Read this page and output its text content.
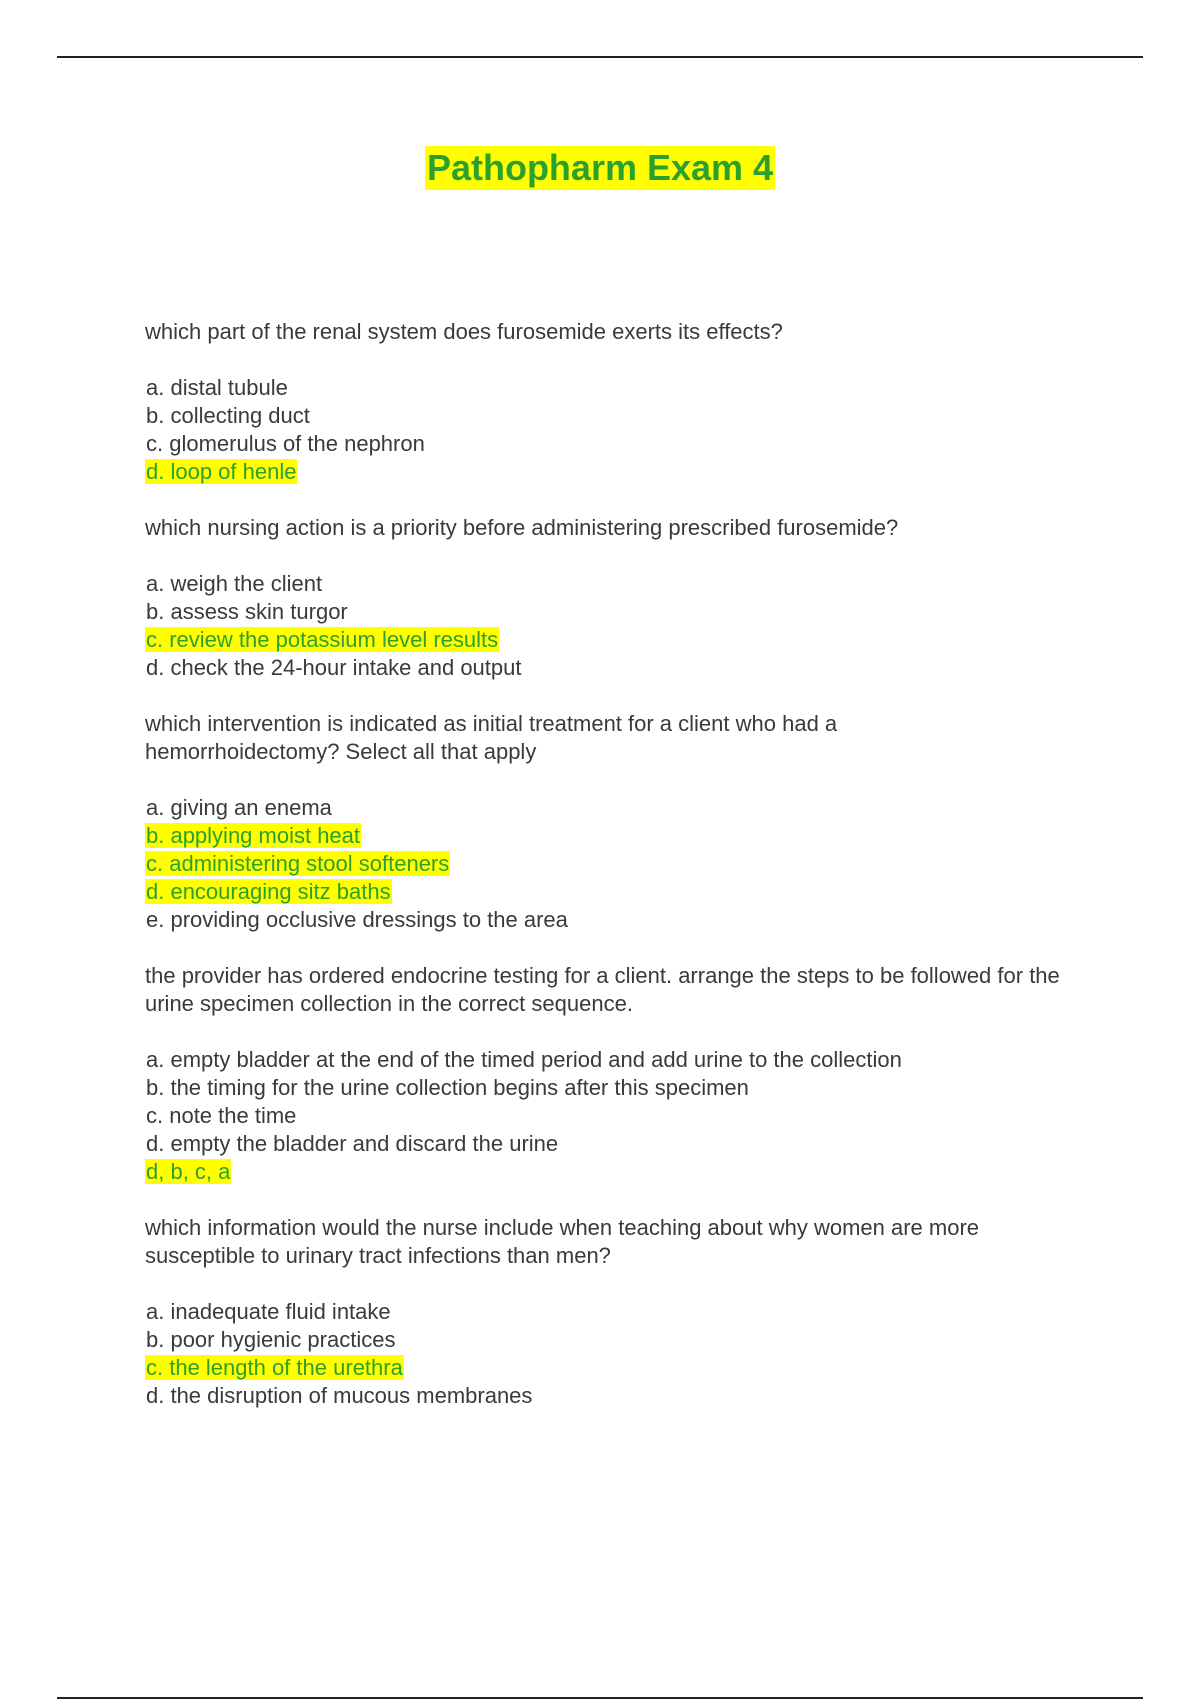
Pathopharm Exam 4
which part of the renal system does furosemide exerts its effects?
a. distal tubule
b. collecting duct
c. glomerulus of the nephron
d. loop of henle
which nursing action is a priority before administering prescribed furosemide?
a. weigh the client
b. assess skin turgor
c. review the potassium level results
d. check the 24-hour intake and output
which intervention is indicated as initial treatment for a client who had a hemorrhoidectomy? Select all that apply
a. giving an enema
b. applying moist heat
c. administering stool softeners
d. encouraging sitz baths
e. providing occlusive dressings to the area
the provider has ordered endocrine testing for a client. arrange the steps to be followed for the urine specimen collection in the correct sequence.
a. empty bladder at the end of the timed period and add urine to the collection
b. the timing for the urine collection begins after this specimen
c. note the time
d. empty the bladder and discard the urine
d, b, c, a
which information would the nurse include when teaching about why women are more susceptible to urinary tract infections than men?
a. inadequate fluid intake
b. poor hygienic practices
c. the length of the urethra
d. the disruption of mucous membranes
